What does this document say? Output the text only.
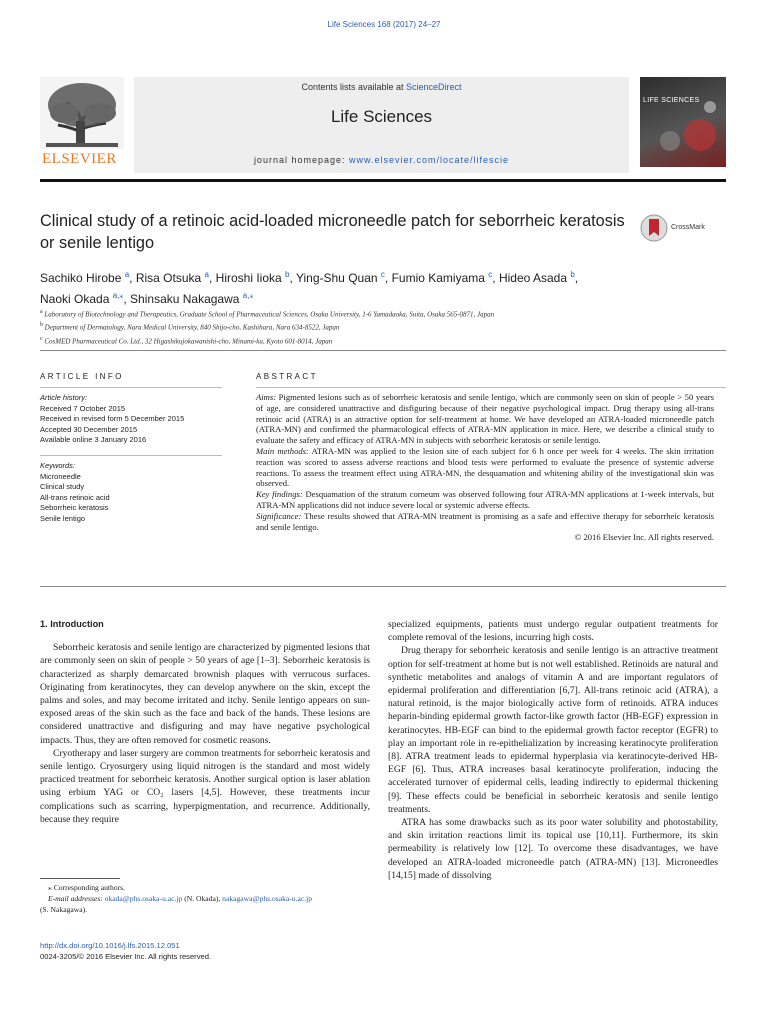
Life Sciences 168 (2017) 24–27
ELSEVIER
Contents lists available at ScienceDirect
Life Sciences
journal homepage: www.elsevier.com/locate/lifescie
LIFE SCIENCES
Clinical study of a retinoic acid-loaded microneedle patch for seborrheic keratosis or senile lentigo
CrossMark
Sachiko Hirobe $^a$, Risa Otsuka $^a$, Hiroshi Iioka $^b$, Ying-Shu Quan $^c$, Fumio Kamiyama $^c$, Hideo Asada $^b$,
Naoki Okada $^{a,⁎}$, Shinsaku Nakagawa $^{a,⁎}$
$^a$ Laboratory of Biotechnology and Therapeutics, Graduate School of Pharmaceutical Sciences, Osaka University, 1-6 Yamadaoka, Suita, Osaka 565-0871, Japan
$^b$ Department of Dermatology, Nara Medical University, 840 Shijo-cho, Kashihara, Nara 634-8522, Japan
$^c$ CosMED Pharmaceutical Co. Ltd., 32 Higashikujokawanishi-cho, Minami-ku, Kyoto 601-8014, Japan
ARTICLE INFO	ABSTRACT
Article history:
Received 7 October 2015
Received in revised form 5 December 2015
Accepted 30 December 2015
Available online 3 January 2016
Keywords:
Microneedle
Clinical study
All-trans retinoic acid
Seborrheic keratosis
Senile lentigo

Aims: Pigmented lesions such as of seborrheic keratosis and senile lentigo, which are commonly seen on skin of people > 50 years of age, are considered unattractive and disfiguring because of their negative psychological impact. Drug therapy using all-trans retinoic acid (ATRA) is an attractive option for self-treatment at home. We have developed an ATRA-loaded microneedle patch (ATRA-MN) and confirmed the pharmacological effects of ATRA-MN application in mice. Here, we describe a clinical study to evaluate the safety and efficacy of ATRA-MN in subjects with seborrheic keratosis or senile lentigo.

Main methods: ATRA-MN was applied to the lesion site of each subject for 6 h once per week for 4 weeks. The skin irritation reaction was scored to assess adverse reactions and blood tests were performed to evaluate the presence of systemic adverse reactions. To assess the treatment effect using ATRA-MN, the desquamation and whitening ability of the investigational skin was observed.

Key findings: Desquamation of the stratum corneum was observed following four ATRA-MN applications at 1-week intervals, but ATRA-MN applications did not induce severe local or systemic adverse effects.

Significance: These results showed that ATRA-MN treatment is promising as a safe and effective therapy for seborrheic keratosis and senile lentigo.

© 2016 Elsevier Inc. All rights reserved.

1. Introduction

Seborrheic keratosis and senile lentigo are characterized by pigmented lesions that are commonly seen on skin of people > 50 years of age [1–3]. Seborrheic keratosis is characterized as sharply demarcated brownish plaques with verrucous surfaces. Originating from keratinocytes, they can develop anywhere on the skin, except the palms and soles, and may become irritated and itchy. Senile lentigo appears on sun-exposed areas of the skin such as the face and back of the hands. These lesions are considered unattractive and disfiguring and may have negative psychological impacts. Thus, they are often removed for cosmetic reasons.

Cryotherapy and laser surgery are common treatments for seborrheic keratosis and senile lentigo. Cryosurgery using liquid nitrogen is the standard and most widely practiced treatment for seborrheic keratosis. Another surgical option is laser ablation using erbium YAG or CO₂ lasers [4,5]. However, these treatments incur complications such as scarring, hyperpigmentation, and recurrence. Additionally, because they require

specialized equipments, patients must undergo regular outpatient treatments for complete removal of the lesions, incurring high costs.

Drug therapy for seborrheic keratosis and senile lentigo is an attractive treatment option for self-treatment at home but is not well established. Retinoids are natural and synthetic metabolites and analogs of vitamin A and are important regulators of epidermal proliferation and differentiation [6,7]. All-trans retinoic acid (ATRA), a natural retinoid, is the major biologically active form of retinoids. ATRA induces heparin-binding epidermal growth factor-like growth factor (HB-EGF) expression in keratinocytes. HB-EGF can bind to the epidermal growth factor receptor (EGFR) to play an important role in re-epithelialization by increasing keratinocyte proliferation [8]. ATRA treatment leads to epidermal hyperplasia via keratinocyte-derived HB-EGF [6]. Thus, ATRA increases basal keratinocyte proliferation, inducing the accelerated turnover of epidermal cells, leading indirectly to epidermal thickening [9]. These effects could be beneficial in seborrheic keratosis and senile lentigo treatments.

ATRA has some drawbacks such as its poor water solubility and photostability, and skin irritation reactions limit its topical use [10,11]. Furthermore, its skin permeability is relatively low [12]. To overcome these disadvantages, we have developed an ATRA-loaded microneedle patch (ATRA-MN) [13]. Microneedles [14,15] made of dissolving

⁎ Corresponding authors.
E-mail addresses: okada@phs.osaka-u.ac.jp (N. Okada), nakagawa@phs.osaka-u.ac.jp
(S. Nakagawa).
http://dx.doi.org/10.1016/j.lfs.2015.12.051
0024-3205/© 2016 Elsevier Inc. All rights reserved.
